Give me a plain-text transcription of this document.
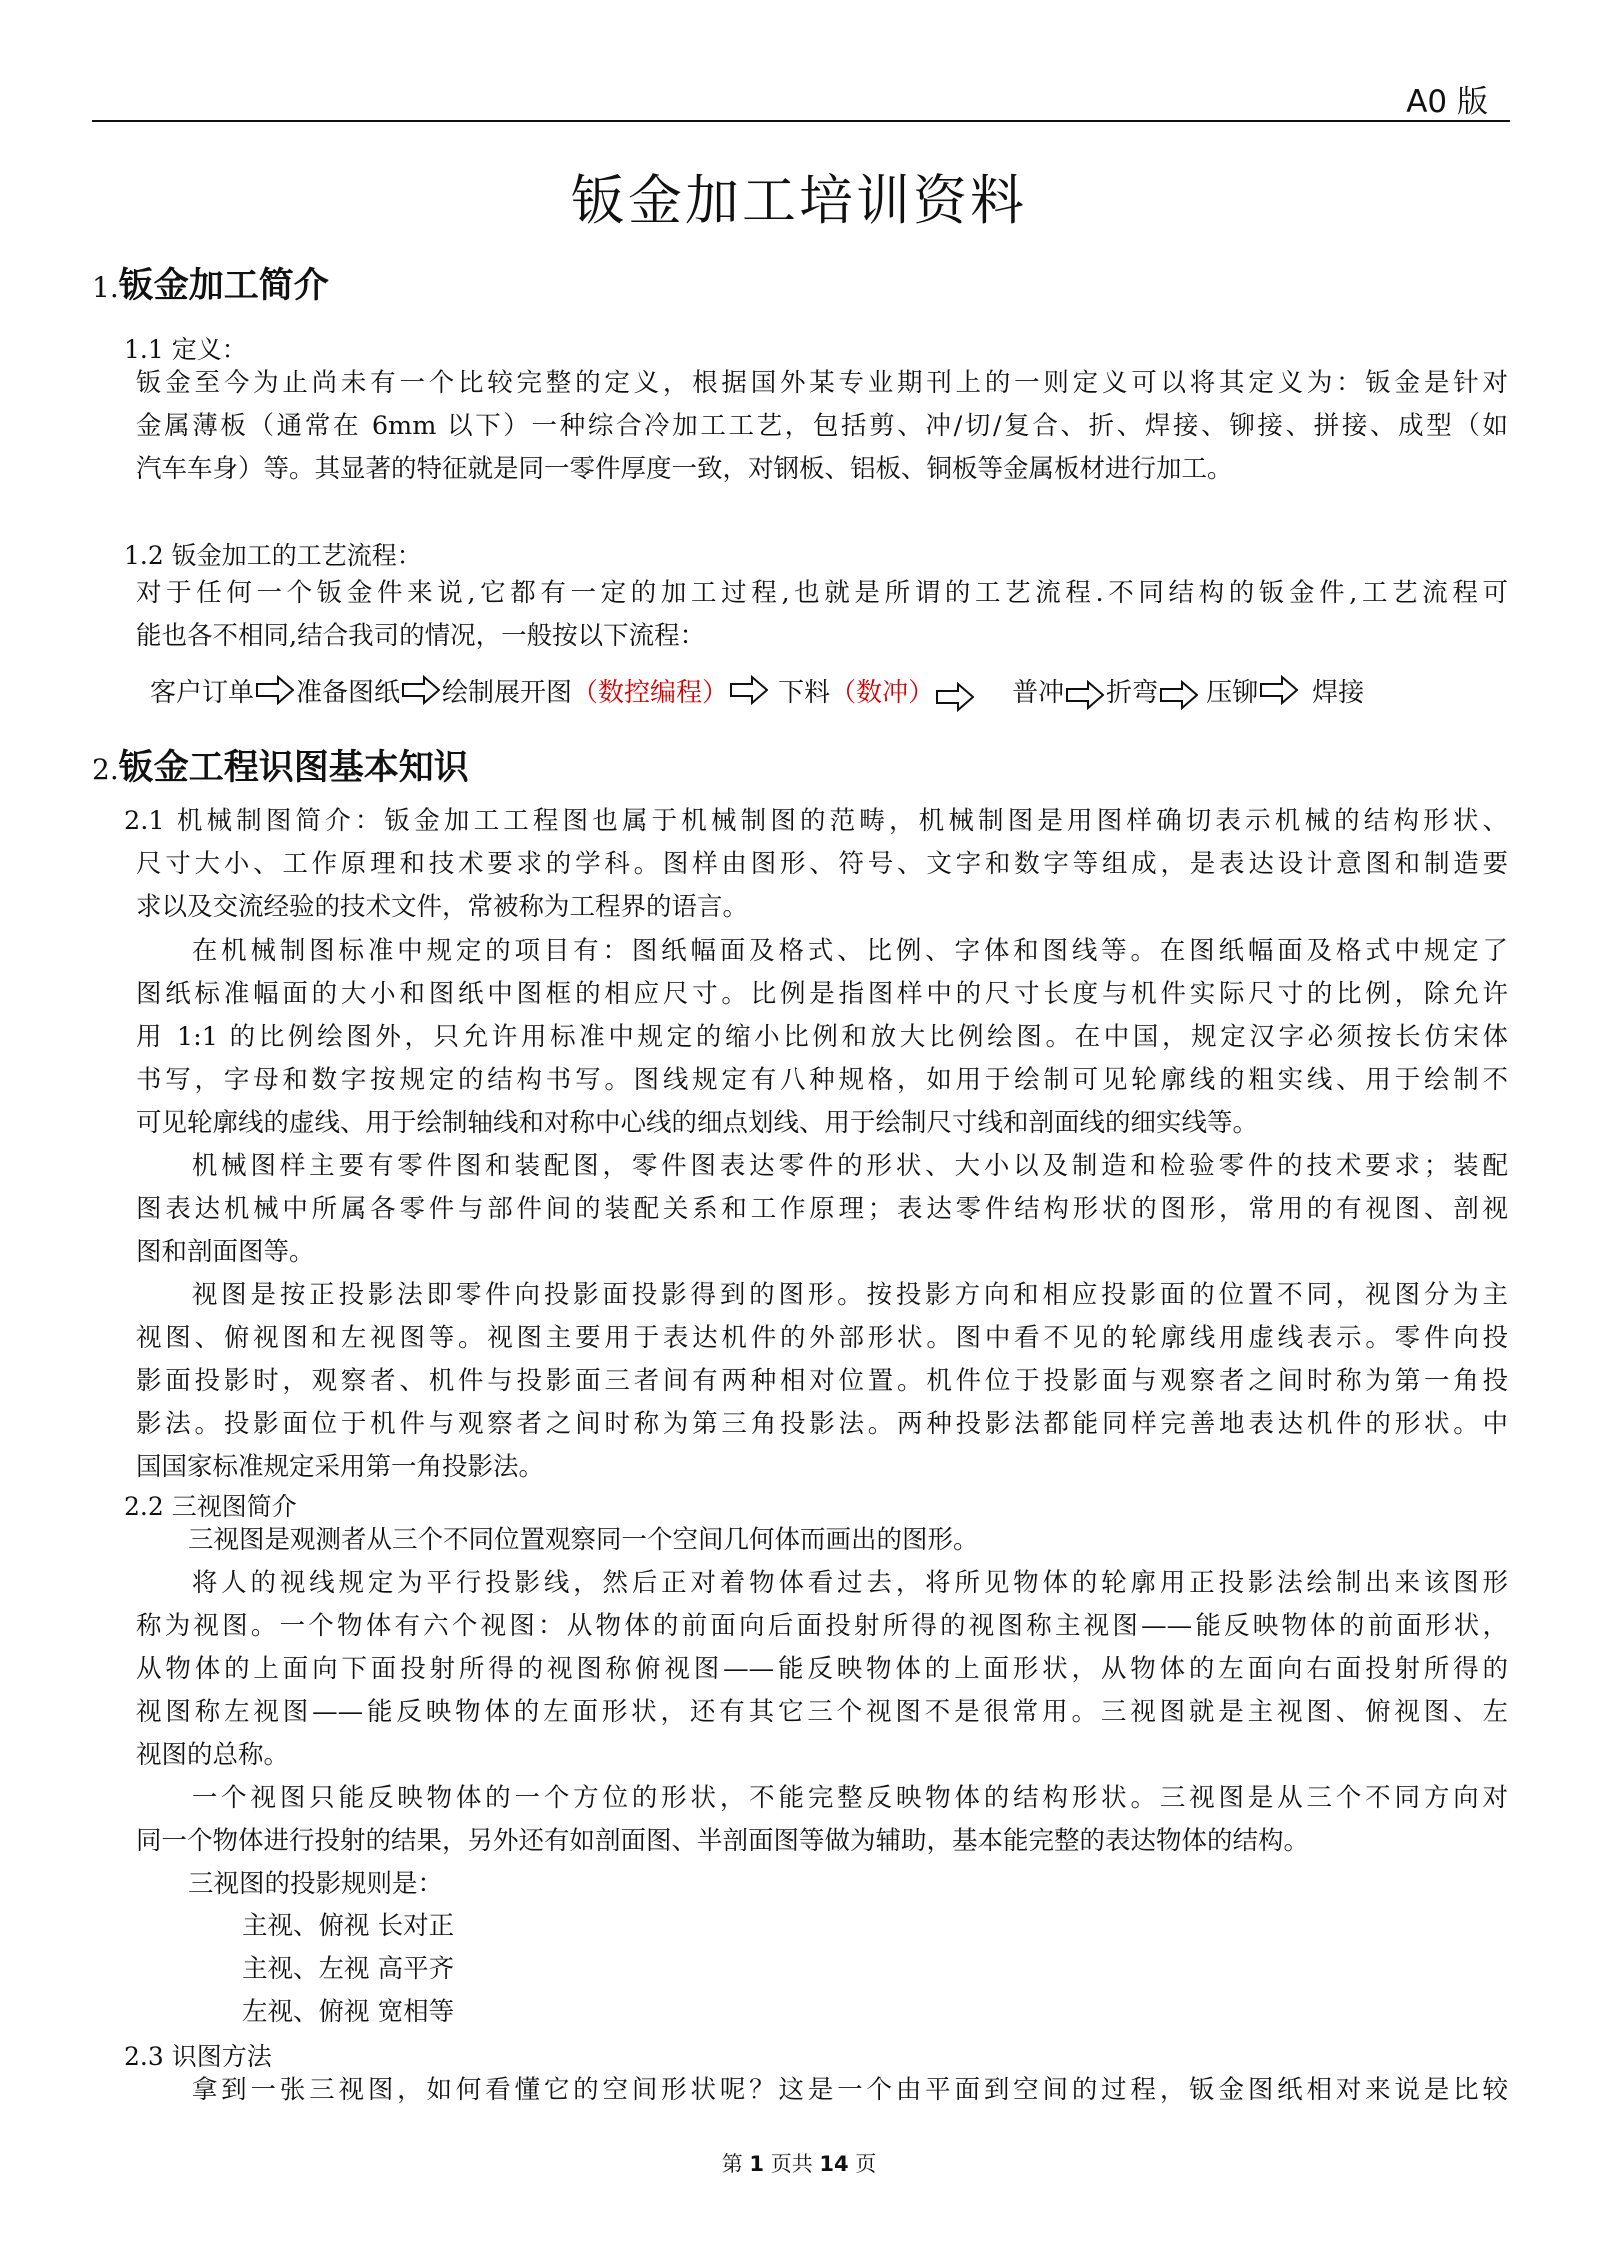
A0 版
钣金加工培训资料
1.钣金加工简介
1.1 定义：
钣金至今为止尚未有一个比较完整的定义，根据国外某专业期刊上的一则定义可以将其定义为：钣金是针对
金属薄板（通常在 6mm 以下）一种综合冷加工工艺，包括剪、冲/切/复合、折、焊接、铆接、拼接、成型（如
汽车车身）等。其显著的特征就是同一零件厚度一致，对钢板、铝板、铜板等金属板材进行加工。
1.2 钣金加工的工艺流程：
对于任何一个钣金件来说,它都有一定的加工过程,也就是所谓的工艺流程.不同结构的钣金件,工艺流程可
能也各不相同,结合我司的情况，一般按以下流程：
客户订单 准备图纸 绘制展开图 （数控编程） 下料 （数冲）	普冲 折弯 压铆 焊接
2.钣金工程识图基本知识
2.1 机械制图简介：钣金加工工程图也属于机械制图的范畴，机械制图是用图样确切表示机械的结构形状、
尺寸大小、工作原理和技术要求的学科。图样由图形、符号、文字和数字等组成，是表达设计意图和制造要
求以及交流经验的技术文件，常被称为工程界的语言。
在机械制图标准中规定的项目有：图纸幅面及格式、比例、字体和图线等。在图纸幅面及格式中规定了
图纸标准幅面的大小和图纸中图框的相应尺寸。比例是指图样中的尺寸长度与机件实际尺寸的比例，除允许
用 1:1 的比例绘图外，只允许用标准中规定的缩小比例和放大比例绘图。在中国，规定汉字必须按长仿宋体
书写，字母和数字按规定的结构书写。图线规定有八种规格，如用于绘制可见轮廓线的粗实线、用于绘制不
可见轮廓线的虚线、用于绘制轴线和对称中心线的细点划线、用于绘制尺寸线和剖面线的细实线等。
机械图样主要有零件图和装配图，零件图表达零件的形状、大小以及制造和检验零件的技术要求；装配
图表达机械中所属各零件与部件间的装配关系和工作原理；表达零件结构形状的图形，常用的有视图、剖视
图和剖面图等。
视图是按正投影法即零件向投影面投影得到的图形。按投影方向和相应投影面的位置不同，视图分为主
视图、俯视图和左视图等。视图主要用于表达机件的外部形状。图中看不见的轮廓线用虚线表示。零件向投
影面投影时，观察者、机件与投影面三者间有两种相对位置。机件位于投影面与观察者之间时称为第一角投
影法。投影面位于机件与观察者之间时称为第三角投影法。两种投影法都能同样完善地表达机件的形状。中
国国家标准规定采用第一角投影法。
2.2 三视图简介
三视图是观测者从三个不同位置观察同一个空间几何体而画出的图形。
将人的视线规定为平行投影线，然后正对着物体看过去，将所见物体的轮廓用正投影法绘制出来该图形
称为视图。一个物体有六个视图：从物体的前面向后面投射所得的视图称主视图——能反映物体的前面形状，
从物体的上面向下面投射所得的视图称俯视图——能反映物体的上面形状，从物体的左面向右面投射所得的
视图称左视图——能反映物体的左面形状，还有其它三个视图不是很常用。三视图就是主视图、俯视图、左
视图的总称。
一个视图只能反映物体的一个方位的形状，不能完整反映物体的结构形状。三视图是从三个不同方向对
同一个物体进行投射的结果，另外还有如剖面图、半剖面图等做为辅助，基本能完整的表达物体的结构。
三视图的投影规则是：
主视、俯视 长对正
主视、左视 高平齐
左视、俯视 宽相等
2.3 识图方法
拿到一张三视图，如何看懂它的空间形状呢？这是一个由平面到空间的过程，钣金图纸相对来说是比较
第 1 页共 14 页
